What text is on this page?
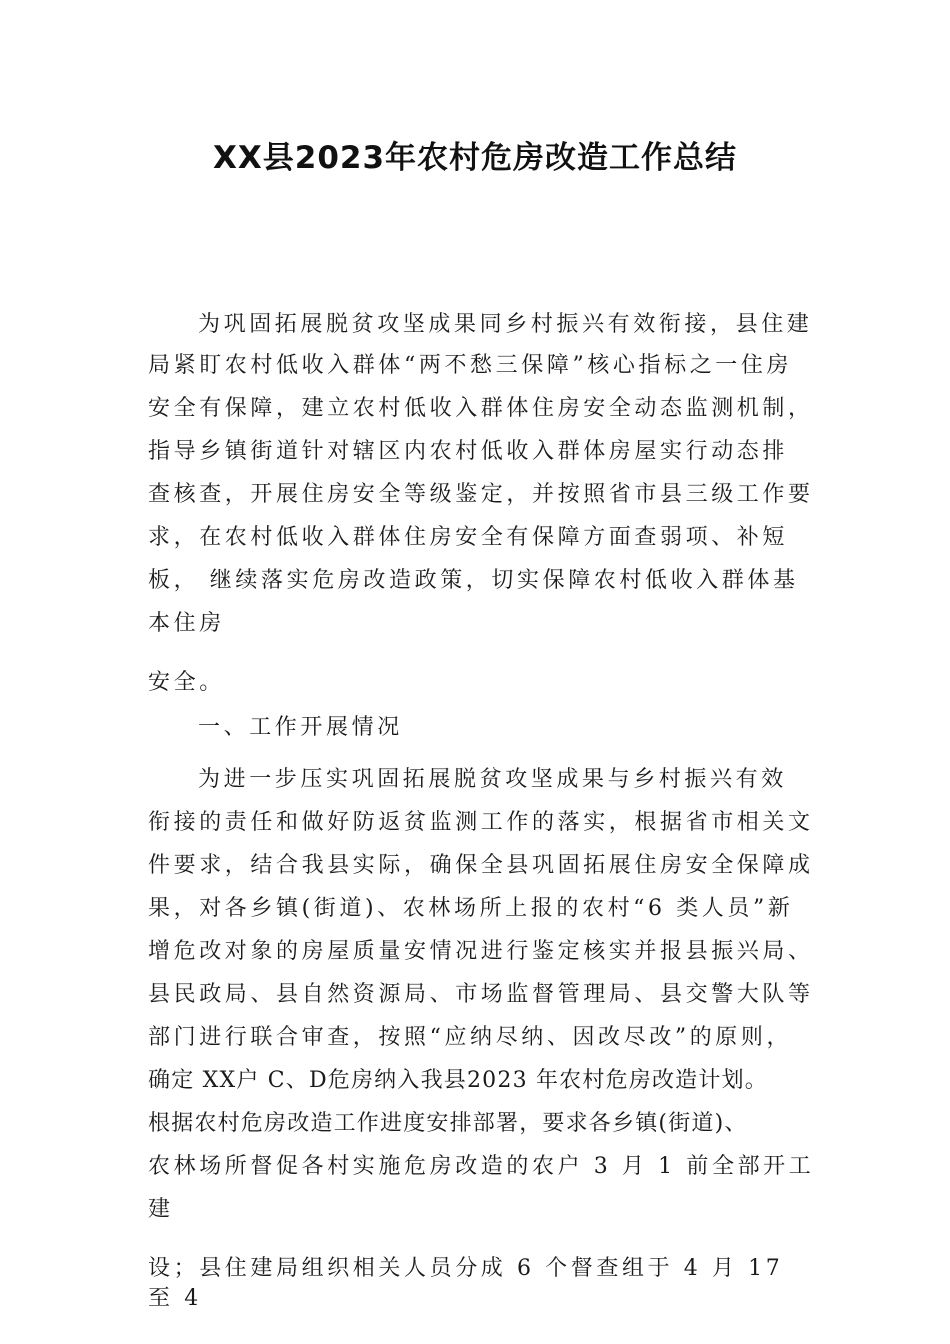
XX县2023年农村危房改造工作总结
为巩固拓展脱贫攻坚成果同乡村振兴有效衔接，县住建
局紧盯农村低收入群体“两不愁三保障”核心指标之一住房
安全有保障，建立农村低收入群体住房安全动态监测机制，
指导乡镇街道针对辖区内农村低收入群体房屋实行动态排
查核查，开展住房安全等级鉴定，并按照省市县三级工作要
求，在农村低收入群体住房安全有保障方面查弱项、补短
板， 继续落实危房改造政策，切实保障农村低收入群体基
本住房
安全。
一、工作开展情况
为进一步压实巩固拓展脱贫攻坚成果与乡村振兴有效
衔接的责任和做好防返贫监测工作的落实，根据省市相关文
件要求，结合我县实际，确保全县巩固拓展住房安全保障成
果，对各乡镇(街道)、农林场所上报的农村“6 类人员”新
增危改对象的房屋质量安情况进行鉴定核实并报县振兴局、
县民政局、县自然资源局、市场监督管理局、县交警大队等
部门进行联合审查，按照“应纳尽纳、因改尽改”的原则，
确定 XX户 C、D危房纳入我县2023 年农村危房改造计划。
根据农村危房改造工作进度安排部署，要求各乡镇(街道)、
农林场所督促各村实施危房改造的农户 3 月 1 前全部开工
建
设；县住建局组织相关人员分成 6 个督查组于 4 月 17
至 4
